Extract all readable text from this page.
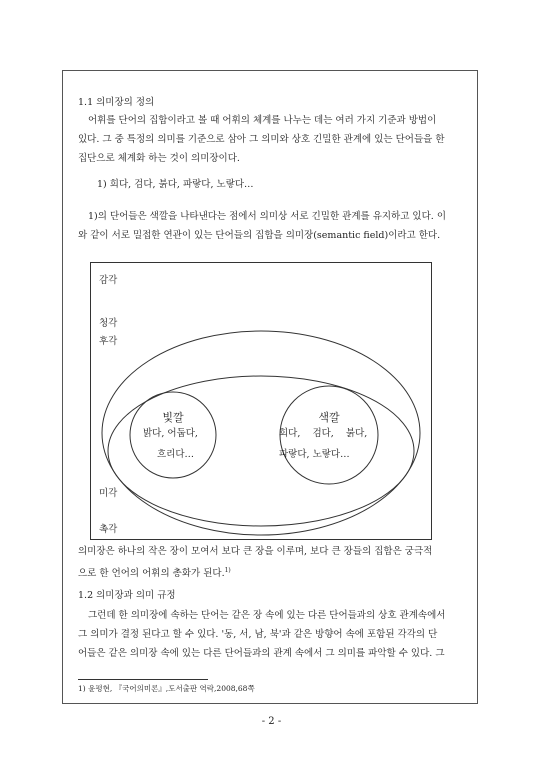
1.1 의미장의 정의
어휘를 단어의 집합이라고 볼 때 어휘의 체계를 나누는 데는 여러 가지 기준과 방법이
있다. 그 중 특정의 의미를 기준으로 삼아 그 의미와 상호 긴밀한 관계에 있는 단어들을 한
집단으로 체계화 하는 것이 의미장이다.
1) 희다, 검다, 붉다, 파랗다, 노랗다…
1)의 단어들은 색깔을 나타낸다는 점에서 의미상 서로 긴밀한 관계를 유지하고 있다. 이
와 같이 서로 밀접한 연관이 있는 단어들의 집합을 의미장(semantic field)이라고 한다.
감각
청각
후각
미각
촉각
빛깔
밝다, 어둡다,
흐리다…
색깔
희다,    검다,    붉다,
파랗다, 노랗다…
의미장은 하나의 작은 장이 모여서 보다 큰 장을 이루며, 보다 큰 장들의 집합은 궁극적
으로 한 언어의 어휘의 총화가 된다.$^{1)}$
1.2 의미장과 의미 규정
그런데 한 의미장에 속하는 단어는 같은 장 속에 있는 다른 단어들과의 상호 관계속에서
그 의미가 결정 된다고 할 수 있다. '동, 서, 남, 북'과 같은 방향어 속에 포함된 각각의 단
어들은 같은 의미장 속에 있는 다른 단어들과의 관계 속에서 그 의미를 파악할 수 있다. 그
1) 윤평현, 『국어의미론』,도서출판 역락,2008,68쪽
- 2 -
